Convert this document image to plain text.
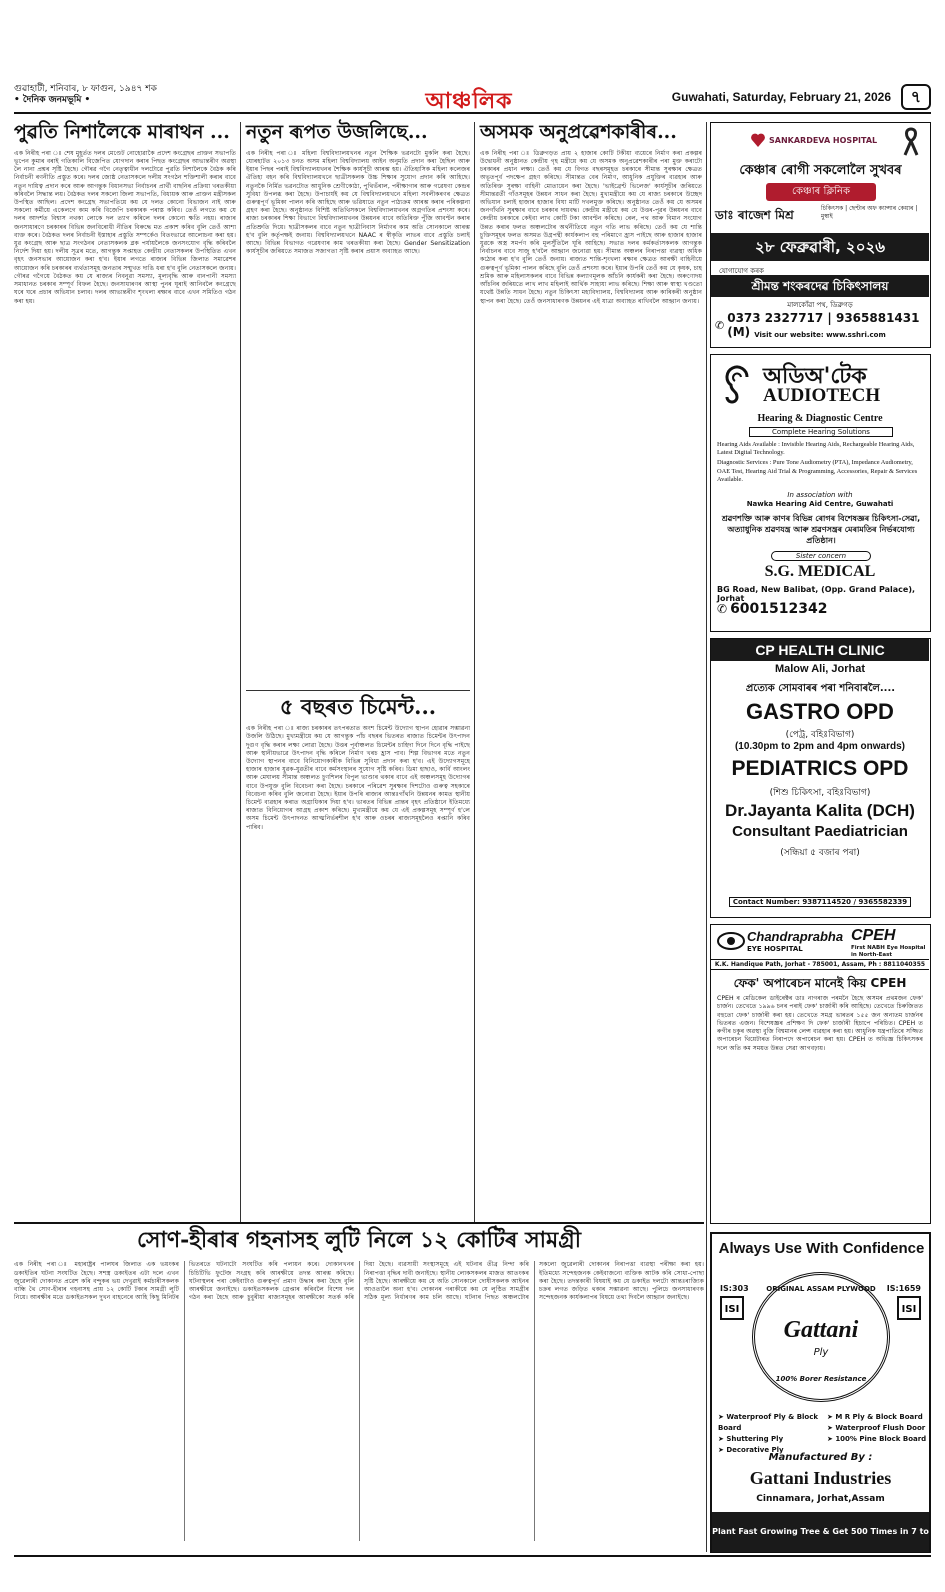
গুৱাহাটী, শনিবাৰ, ৮ ফাগুন, ১৯৪৭ শক
• দৈনিক জনমভূমি •	আঞ্চলিক	Guwahati, Saturday, February 21, 2026	৭
পুৱতি নিশালৈকে মাৰাথন ...
এক নিৰীহ পৰা ঃ শেষ মুহূৰ্তত দলৰ মেণ্ডেট নোহোৱাকৈ প্ৰদেশ কংগ্ৰেছৰ প্ৰাক্তন সভাপতি ভূপেন কুমাৰ বৰাই গতিকালি বিজেপিত যোগদান কৰাৰ পিছত কংগ্ৰেছৰ আভ্যন্তৰীণ অৱস্থা লৈ নানা প্ৰশ্নৰ সৃষ্টি হৈছে। গৌৰৱ গগৈ নেতৃত্বাধীন দলটোৱে পুৱতি নিশালৈকে বৈঠক কৰি নিৰ্বাচনী ৰণনীতি প্ৰস্তুত কৰে। দলৰ জ্যেষ্ঠ নেতাসকলে দলীয় সংগঠন শক্তিশালী কৰাৰ বাবে নতুন দায়িত্ব প্ৰদান কৰে আৰু আগন্তুক বিধানসভা নিৰ্বাচনৰ প্ৰাৰ্থী বাছনিৰ প্ৰক্ৰিয়া খৰতকীয়া কৰিবলৈ সিদ্ধান্ত লয়। বৈঠকত দলৰ সকলো জিলা সভাপতি, বিধায়ক আৰু প্ৰাক্তন মন্ত্ৰীসকল উপস্থিত আছিল। প্ৰদেশ কংগ্ৰেছ সভাপতিয়ে কয় যে দলত কোনো বিভাজন নাই আৰু সকলো কৰ্মীয়ে একেলগে কাম কৰি বিজেপি চৰকাৰক পৰাস্ত কৰিব। তেওঁ লগতে কয় যে দলৰ আদৰ্শত বিশ্বাস নথকা লোকে দল ত্যাগ কৰিলে দলৰ কোনো ক্ষতি নহয়। ৰাজ্যৰ জনসাধাৰণে চৰকাৰৰ বিভিন্ন জনবিৰোধী নীতিৰ বিৰুদ্ধে মত প্ৰকাশ কৰিব বুলি তেওঁ আশা ব্যক্ত কৰে। বৈঠকত দলৰ নিৰ্বাচনী ইস্তাহাৰ প্ৰস্তুতি সম্পৰ্কেও বিতংভাৱে আলোচনা কৰা হয়। যুৱ কংগ্ৰেছ আৰু ছাত্ৰ সংগঠনৰ নেতাসকলক ব্লক পৰ্যায়লৈকে জনসংযোগ বৃদ্ধি কৰিবলৈ নিৰ্দেশ দিয়া হয়। দলীয় সূত্ৰৰ মতে, আগন্তুক সপ্তাহত কেন্দ্ৰীয় নেতাসকলৰ উপস্থিতিত এখন বৃহৎ জনসভাৰ আয়োজন কৰা হ'ব। ইয়াৰ লগতে ৰাজ্যৰ বিভিন্ন জিলাত সমাৱেশৰ আয়োজন কৰি চৰকাৰৰ ব্যৰ্থতাসমূহ জনতাৰ সন্মুখত দাঙি ধৰা হ'ব বুলি নেতাসকলে জনায়। গৌৰৱ গগৈয়ে বৈঠকত কয় যে ৰাজ্যৰ নিবনুৱা সমস্যা, মূল্যবৃদ্ধি আৰু বানপানী সমস্যা সমাধানত চৰকাৰ সম্পূৰ্ণ বিফল হৈছে। জনসাধাৰণৰ আস্থা পুনৰ ঘূৰাই আনিবলৈ কংগ্ৰেছে ঘৰে ঘৰে প্ৰচাৰ অভিযান চলাব। দলৰ আভ্যন্তৰীণ শৃংখলা ৰক্ষাৰ বাবে এখন সমিতিও গঠন কৰা হয়।
নতুন ৰূপত উজলিছে...
এক নিৰীহ পৰা ঃ মহিলা বিশ্ববিদ্যালয়খনৰ নতুন শৈক্ষিক ভৱনটো মুকলি কৰা হৈছে। যোৰহাটত ২০১৩ চনত অসম মহিলা বিশ্ববিদ্যালয় আইন অনুমতি প্ৰদান কৰা হৈছিল আৰু ইয়াৰ পিছৰ পৰাই বিশ্ববিদ্যালয়খনৰ শৈক্ষিক কাৰ্যসূচী আৰম্ভ হয়। ঐতিহাসিক মহিলা কলেজৰ ঐতিহ্য বহন কৰি বিশ্ববিদ্যালয়খনে ছাত্ৰীসকলক উচ্চ শিক্ষাৰ সুযোগ প্ৰদান কৰি আহিছে। নতুনকৈ নিৰ্মিত ভৱনটোত আধুনিক শ্ৰেণীকোঠা, পুথিভঁৰাল, পৰীক্ষাগাৰ আৰু গৱেষণা কেন্দ্ৰৰ সুবিধা উপলব্ধ কৰা হৈছে। উপাচাৰ্যই কয় যে বিশ্ববিদ্যালয়খনে মহিলা সবলীকৰণৰ ক্ষেত্ৰত গুৰুত্বপূৰ্ণ ভূমিকা পালন কৰি আহিছে আৰু ভৱিষ্যতে নতুন পাঠ্যক্ৰম আৰম্ভ কৰাৰ পৰিকল্পনা গ্ৰহণ কৰা হৈছে। অনুষ্ঠানত বিশিষ্ট অতিথিসকলে বিশ্ববিদ্যালয়খনৰ অগ্ৰগতিৰ প্ৰশংসা কৰে। ৰাজ্য চৰকাৰৰ শিক্ষা বিভাগে বিশ্ববিদ্যালয়খনৰ উন্নয়নৰ বাবে অতিৰিক্ত পুঁজি আবণ্টন কৰাৰ প্ৰতিশ্ৰুতি দিয়ে। ছাত্ৰীসকলৰ বাবে নতুন ছাত্ৰীনিবাস নিৰ্মাণৰ কাম অতি সোনকালে আৰম্ভ হ'ব বুলি কৰ্তৃপক্ষই জনায়। বিশ্ববিদ্যালয়খনে NAAC ৰ স্বীকৃতি লাভৰ বাবে প্ৰস্তুতি চলাই আছে। বিভিন্ন বিভাগত গৱেষণাৰ কাম খৰতকীয়া কৰা হৈছে। Gender Sensitization কাৰ্যসূচীৰ জৰিয়তে সমাজত সজাগতা সৃষ্টি কৰাৰ প্ৰয়াস অব্যাহত আছে।
৫ বছৰত চিমেন্ট...
এক নিৰীহ পৰা ঃ ৰাজ্য চৰকাৰৰ তৎপৰতাত অংশ চিমেন্ট উদ্যোগ স্থাপন হোৱাৰ সম্ভাৱনা উজলি উঠিছে। মুখ্যমন্ত্ৰীয়ে কয় যে আগন্তুক পাঁচ বছৰৰ ভিতৰত ৰাজ্যত চিমেন্টৰ উৎপাদন দুগুণ বৃদ্ধি কৰাৰ লক্ষ্য লোৱা হৈছে। উত্তৰ পূৰ্বাঞ্চলত চিমেন্টৰ চাহিদা দিনে দিনে বৃদ্ধি পাইছে আৰু স্থানীয়ভাৱে উৎপাদন বৃদ্ধি কৰিলে নিৰ্মাণ খৰচ হ্ৰাস পাব। শিল্প বিভাগৰ মতে নতুন উদ্যোগ স্থাপনৰ বাবে বিনিয়োগকাৰীক বিভিন্ন সুবিধা প্ৰদান কৰা হ'ব। এই উদ্যোগসমূহে হাজাৰ হাজাৰ যুৱক-যুৱতীৰ বাবে কৰ্মসংস্থানৰ সুযোগ সৃষ্টি কৰিব। ডিমা হাছাও, কাৰ্বি আংলং আৰু মেঘালয় সীমান্ত অঞ্চলত চুণশিলৰ বিপুল ভাণ্ডাৰ থকাৰ বাবে এই অঞ্চলসমূহ উদ্যোগৰ বাবে উপযুক্ত বুলি বিবেচনা কৰা হৈছে। চৰকাৰে পৰিৱেশ সুৰক্ষাৰ দিশটোও গুৰুত্ব সহকাৰে বিবেচনা কৰিব বুলি জনোৱা হৈছে। ইয়াৰ উপৰি ৰাজ্যৰ আন্তঃগাঁথনি উন্নয়নৰ কামত স্থানীয় চিমেন্ট ব্যৱহাৰ কৰাত অগ্ৰাধিকাৰ দিয়া হ'ব। ভাৰতৰ বিভিন্ন প্ৰান্তৰ বৃহৎ প্ৰতিষ্ঠানে ইতিমধ্যে ৰাজ্যত বিনিয়োগৰ আগ্ৰহ প্ৰকাশ কৰিছে। মুখ্যমন্ত্ৰীয়ে কয় যে এই প্ৰকল্পসমূহ সম্পূৰ্ণ হ'লে অসম চিমেন্ট উৎপাদনত আত্মনিৰ্ভৰশীল হ'ব আৰু ওচৰৰ ৰাজ্যসমূহলৈও ৰপ্তানি কৰিব পাৰিব।
অসমক অনুপ্ৰৱেশকাৰীৰ...
এক নিৰীহ পৰা ঃ ডিব্ৰুগড়ত প্ৰায় ২ হাজাৰ কোটি টকীয়া ব্যয়েৰে নিৰ্মাণ কৰা প্ৰকল্পৰ উদ্বোধনী অনুষ্ঠানত কেন্দ্ৰীয় গৃহ মন্ত্ৰীয়ে কয় যে অসমক অনুপ্ৰৱেশকাৰীৰ পৰা মুক্ত কৰাটো চৰকাৰৰ প্ৰধান লক্ষ্য। তেওঁ কয় যে বিগত বছৰসমূহত চৰকাৰে সীমান্ত সুৰক্ষাৰ ক্ষেত্ৰত অভূতপূৰ্ব পদক্ষেপ গ্ৰহণ কৰিছে। সীমান্তত বেৰ নিৰ্মাণ, আধুনিক প্ৰযুক্তিৰ ব্যৱহাৰ আৰু অতিৰিক্ত সুৰক্ষা বাহিনী মোতায়েন কৰা হৈছে। 'ভাইব্ৰেণ্ট ভিলেজ' কাৰ্যসূচীৰ জৰিয়তে সীমান্তৱৰ্তী গাঁওসমূহৰ উন্নয়ন সাধন কৰা হৈছে। মুখ্যমন্ত্ৰীয়ে কয় যে ৰাজ্য চৰকাৰে উচ্ছেদ অভিযান চলাই হাজাৰ হাজাৰ বিঘা মাটি দখলমুক্ত কৰিছে। অনুষ্ঠানত তেওঁ কয় যে অসমৰ জনগাঁথনি সুৰক্ষাৰ বাবে চৰকাৰ দায়বদ্ধ। কেন্দ্ৰীয় মন্ত্ৰীয়ে কয় যে উত্তৰ-পূৱৰ উন্নয়নৰ বাবে কেন্দ্ৰীয় চৰকাৰে কেইবা লাখ কোটি টকা আবণ্টন কৰিছে। ৰেল, পথ আৰু বিমান সংযোগ উন্নত কৰাৰ ফলত অঞ্চলটোৰ অৰ্থনীতিয়ে নতুন গতি লাভ কৰিছে। তেওঁ কয় যে শান্তি চুক্তিসমূহৰ ফলত অসমত উগ্ৰপন্থী কাৰ্যকলাপ বহু পৰিমাণে হ্ৰাস পাইছে আৰু হাজাৰ হাজাৰ যুৱকে অস্ত্ৰ সমৰ্পণ কৰি মূলসুঁতিলৈ ঘূৰি আহিছে। সভাত দলৰ কৰ্মকৰ্তাসকলক আগন্তুক নিৰ্বাচনৰ বাবে সাজু হ'বলৈ আহ্বান জনোৱা হয়। সীমান্ত অঞ্চলৰ নিৰাপত্তা ব্যৱস্থা অধিক কঠোৰ কৰা হ'ব বুলি তেওঁ জনায়। ৰাজ্যত শান্তি-শৃংখলা ৰক্ষাৰ ক্ষেত্ৰত আৰক্ষী বাহিনীয়ে গুৰুত্বপূৰ্ণ ভূমিকা পালন কৰিছে বুলি তেওঁ প্ৰশংসা কৰে। ইয়াৰ উপৰি তেওঁ কয় যে কৃষক, চাহ শ্ৰমিক আৰু মহিলাসকলৰ বাবে বিভিন্ন কল্যাণমূলক আঁচনি কাৰ্যকৰী কৰা হৈছে। অৰুণোদয় আঁচনিৰ জৰিয়তে লাখ লাখ মহিলাই আৰ্থিক সাহায্য লাভ কৰিছে। শিক্ষা আৰু স্বাস্থ্য খণ্ডতো যথেষ্ট উন্নতি সাধন হৈছে। নতুন চিকিৎসা মহাবিদ্যালয়, বিশ্ববিদ্যালয় আৰু কাৰিকৰী অনুষ্ঠান স্থাপন কৰা হৈছে। তেওঁ জনসাধাৰণক উন্নয়নৰ এই যাত্ৰা অব্যাহত ৰাখিবলৈ আহ্বান জনায়।
সোণ-হীৰাৰ গহনাসহ লুটি নিলে ১২ কোটিৰ সামগ্ৰী
এক নিৰীহ পৰা ঃ মহাৰাষ্ট্ৰৰ পালঘৰ জিলাত এক ভয়ংকৰ ডকাইতিৰ ঘটনা সংঘটিত হৈছে। সশস্ত্ৰ ডকাইতৰ এটা দলে এখন জুৱেলাৰী দোকানত প্ৰৱেশ কৰি বন্দুকৰ ভয় দেখুৱাই কৰ্মচাৰীসকলক বান্ধি থৈ সোণ-হীৰাৰ গহনাসহ প্ৰায় ১২ কোটি টকাৰ সামগ্ৰী লুটি নিয়ে। আৰক্ষীৰ মতে ডকাইতসকল দুখন বাহনেৰে আহি কিছু মিনিটৰ ভিতৰতে ঘটনাটো সংঘটিত কৰি পলায়ন কৰে। দোকানখনৰ চিচিটিভি ফুটেজ সংগ্ৰহ কৰি আৰক্ষীয়ে তদন্ত আৰম্ভ কৰিছে। ঘটনাস্থলৰ পৰা কেইবাটাও গুৰুত্বপূৰ্ণ প্ৰমাণ উদ্ধাৰ কৰা হৈছে বুলি আৰক্ষীয়ে জনাইছে। ডকাইতসকলক গ্ৰেপ্তাৰ কৰিবলৈ বিশেষ দল গঠন কৰা হৈছে আৰু চুবুৰীয়া ৰাজ্যসমূহৰ আৰক্ষীকো সতৰ্ক কৰি দিয়া হৈছে। ব্যৱসায়ী সংস্থাসমূহে এই ঘটনাৰ তীব্ৰ নিন্দা কৰি নিৰাপত্তা বৃদ্ধিৰ দাবী জনাইছে। স্থানীয় লোকসকলৰ মাজত আতংকৰ সৃষ্টি হৈছে। আৰক্ষীয়ে কয় যে অতি সোনকালে দোষীসকলক আইনৰ আওতালৈ অনা হ'ব। দোকানৰ গৰাকীয়ে কয় যে লুণ্ঠিত সামগ্ৰীৰ সঠিক মূল্য নিৰ্ধাৰণৰ কাম চলি আছে। ঘটনাৰ পিছত অঞ্চলটোৰ সকলো জুৱেলাৰী দোকানৰ নিৰাপত্তা ব্যৱস্থা পৰীক্ষা কৰা হয়। ইতিমধ্যে সন্দেহজনক কেইবাজনো ব্যক্তিক আটক কৰি সোধা-পোছা কৰা হৈছে। তদন্তকাৰী বিষয়াই কয় যে ডকাইত দলটো আন্তঃৰাজ্যিক চক্ৰৰ লগত জড়িত থকাৰ সম্ভাৱনা আছে। পুলিচে জনসাধাৰণক সন্দেহজনক কাৰ্যকলাপৰ বিষয়ে তথ্য দিবলৈ আহ্বান জনাইছে।
SANKARDEVA HOSPITAL
কেঞ্চাৰ ৰোগী সকলোলৈ সুখবৰ
কেঞ্চাৰ ক্লিনিক
ডাঃ ৰাজেশ মিশ্ৰ	চিকিৎসক | ছেণ্টাৰ অফ ক্যান্সাৰ কেয়াৰ | মুম্বাই
২৮ ফেব্ৰুৱাৰী, ২০২৬
যোগাযোগ কৰক
শ্ৰীমন্ত শংকৰদেৱ চিকিৎসালয়
মালকোঁৱা পথ, ডিব্ৰুগড়
✆ 0373 2327717 | 9365881431 (M) Visit our website: www.sshri.com
অডিঅ'টেক
AUDIOTECH
Hearing & Diagnostic Centre
Complete Hearing Solutions
Hearing Aids Available : Invisible Hearing Aids, Rechargeable Hearing Aids, Latest Digital Technology.
Diagnostic Services : Pure Tone Audiometry (PTA), Impedance Audiometry, OAE Test, Hearing Aid Trial & Programming, Accessories, Repair & Services Available.
In association with
Nawka Hearing Aid Centre, Guwahati
শ্ৰৱণশক্তি আৰু কাণৰ বিভিন্ন ৰোগৰ বিশেষজ্ঞৰ চিকিৎসা-সেৱা, অত্যাধুনিক শ্ৰৱণযন্ত্ৰ আৰু শ্ৰৱণসন্ত্ৰৰ মেৰামতিৰ নিৰ্ভৰযোগ্য প্ৰতিষ্ঠান।
Sister concern
S.G. MEDICAL
BG Road, New Balibat, (Opp. Grand Palace), Jorhat
✆ 6001512342
CP HEALTH CLINIC
Malow Ali, Jorhat
প্ৰত্যেক সোমবাৰৰ পৰা শনিবাৰলৈ....
GASTRO OPD
(পেট্ৰ, বহিঃবিভাগ)
(10.30pm to 2pm and 4pm onwards)
PEDIATRICS OPD
(শিশু চিকিৎসা, বহিঃবিভাগ)
Dr.Jayanta Kalita (DCH)
Consultant Paediatrician
(সন্ধিয়া ৫ বজাৰ পৰা)
Contact Number: 9387114520 / 9365582339
Chandraprabha
EYE HOSPITAL
CPEH
First NABH Eye Hospital in North-East
K.K. Handique Path, Jorhat - 785001, Assam, Ph : 8811040355
ফেক' অপাৰেচন মানেই কিয় CPEH
CPEH ৰ মেডিকেল ডাইৰেক্টৰ ডাঃ নাগৰাজ পৰমনৈ হৈছে অসমৰ প্ৰথমজন ফেক' চাৰ্জন। তেখেতে ১৯৯৬ চনৰ পৰাই ফেক' চাৰ্জাৰী কৰি আহিছে। তেখেতে চিৰুজিতত বহুতো ফেক' চাৰ্জাৰী কৰা হয়। তেখেতে সমগ্ৰ ভাৰতৰ ১৫৫ জন অন্যতম চাৰ্জনৰ ভিতৰত এজন। বিশেষজ্ঞৰ প্ৰশিক্ষণ দি ফেক' চাৰ্জাৰী হিচাপে পৰিচিত। CPEH ত ৰুগীৰ চকুৰ অৱস্থা বুজি বিশ্বমানৰ লেন্স ব্যৱহাৰ কৰা হয়। আধুনিক যন্ত্ৰপাতিৰে সজ্জিত অপাৰেচন থিয়েটাৰত নিৰাপদে অপাৰেচন কৰা হয়। CPEH ত অভিজ্ঞ চিকিৎসকৰ দলে অতি কম সময়ত উন্নত সেৱা আগবঢ়ায়।
Always Use With Confidence
IS:303	IS:1659
ISI	ISI
ORIGINAL ASSAM PLYWOOD
Gattani
Ply
100% Borer Resistance
➤ Waterproof Ply & Block Board
➤ Shuttering Ply
➤ Decorative Ply
➤ M R Ply & Block Board
➤ Waterproof Flush Door
➤ 100% Pine Block Board
Manufactured By :
Gattani Industries
Cinnamara, Jorhat,Assam
Plant Fast Growing Tree & Get 500 Times in 7 to 10 Years
